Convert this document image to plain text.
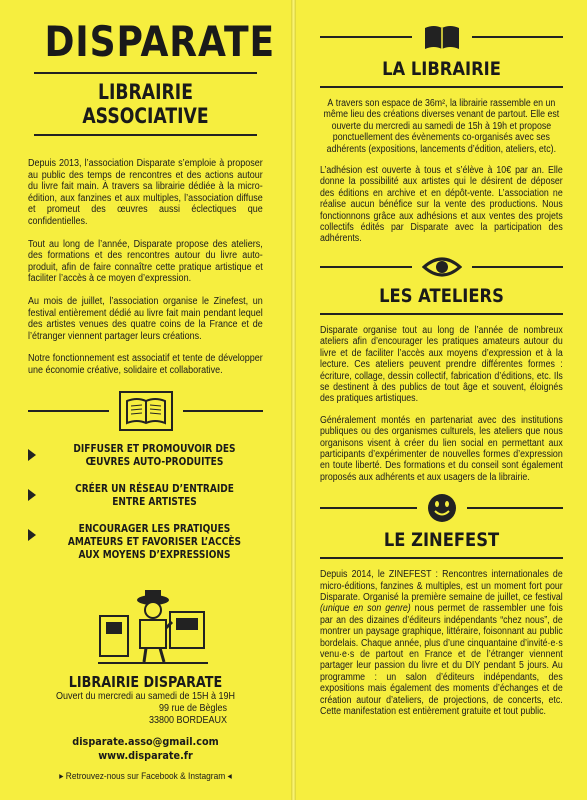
DISPARATE
LIBRAIRIE ASSOCIATIVE

Depuis 2013, l’association Disparate s’emploie à proposer au public des temps de rencontres et des actions autour du livre fait main. À travers sa librairie dédiée à la micro-édition, aux fanzines et aux multiples, l’association diffuse et promeut des œuvres aussi éclectiques que confidentielles.

Tout au long de l’année, Disparate propose des ateliers, des formations et des rencontres autour du livre auto-produit, afin de faire connaître cette pratique artistique et faciliter l’accès à ce moyen d’expression.

Au mois de juillet, l’association organise le Zinefest, un festival entièrement dédié au livre fait main pendant lequel des artistes venues des quatre coins de la France et de l’étranger viennent partager leurs créations.

Notre fonctionnement est associatif et tente de développer une économie créative, solidaire et collaborative.

DIFFUSER ET PROMOUVOIR DES ŒUVRES AUTO-PRODUITES
CRÉER UN RÉSEAU D’ENTRAIDE ENTRE ARTISTES
ENCOURAGER LES PRATIQUES AMATEURS ET FAVORISER L’ACCÈS AUX MOYENS D’EXPRESSIONS
LIBRAIRIE DISPARATE
Ouvert du mercredi au samedi de 15H à 19H
99 rue de Bègles
33800 BORDEAUX
disparate.asso@gmail.com
www.disparate.fr
▸ Retrouvez-nous sur Facebook & Instagram ◂
LA LIBRAIRIE

À travers son espace de 36m², la librairie rassemble en un même lieu des créations diverses venant de partout. Elle est ouverte du mercredi au samedi de 15h à 19h et propose ponctuellement des évènements co-organisés avec ses adhérents (expositions, lancements d’édition, ateliers, etc).

L’adhésion est ouverte à tous et s’élève à 10€ par an. Elle donne la possibilité aux artistes qui le désirent de déposer des éditions en archive et en dépôt-vente. L’association ne réalise aucun bénéfice sur la vente des productions. Nous fonctionnons grâce aux adhésions et aux ventes des projets collectifs édités par Disparate avec la participation des adhérents.

LES ATELIERS

Disparate organise tout au long de l’année de nombreux ateliers afin d’encourager les pratiques amateurs autour du livre et de faciliter l’accès aux moyens d’expression et à la lecture. Ces ateliers peuvent prendre différentes formes : écriture, collage, dessin collectif, fabrication d’éditions, etc. Ils se destinent à des publics de tout âge et souvent, éloignés des pratiques artistiques.

Généralement montés en partenariat avec des institutions publiques ou des organismes culturels, les ateliers que nous organisons visent à créer du lien social en permettant aux participants d’expérimenter de nouvelles formes d’expression en toute liberté. Des formations et du conseil sont également proposés aux adhérents et aux usagers de la librairie.

LE ZINEFEST

Depuis 2014, le ZINEFEST : Rencontres internationales de micro-éditions, fanzines & multiples, est un moment fort pour Disparate. Organisé la première semaine de juillet, ce festival (unique en son genre) nous permet de rassembler une fois par an des dizaines d’éditeurs indépendants “chez nous”, de montrer un paysage graphique, littéraire, foisonnant au public bordelais. Chaque année, plus d’une cinquantaine d’invité·e·s venu·e·s de partout en France et de l’étranger viennent partager leur passion du livre et du DIY pendant 5 jours. Au programme : un salon d’éditeurs indépendants, des expositions mais également des moments d’échanges et de création autour d’ateliers, de projections, de concerts, etc. Cette manifestation est entièrement gratuite et tout public.
